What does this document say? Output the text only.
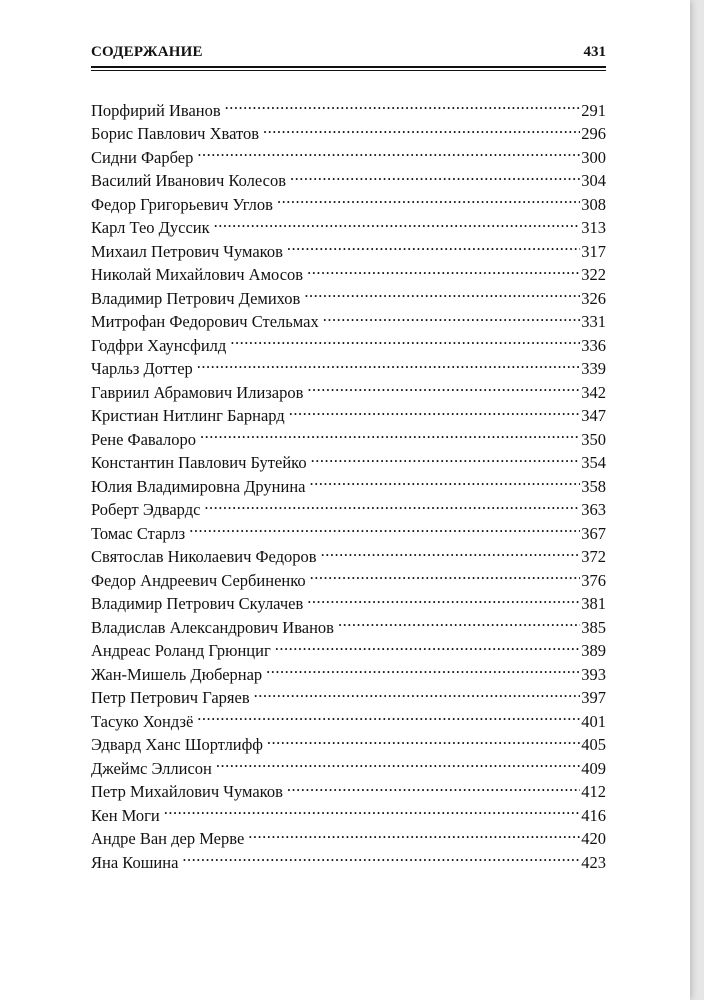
СОДЕРЖАНИЕ	431
Порфирий Иванов .....	291
Борис Павлович Хватов .....	296
Сидни Фарбер .....	300
Василий Иванович Колесов .....	304
Федор Григорьевич Углов .....	308
Карл Тео Дуссик .....	313
Михаил Петрович Чумаков .....	317
Николай Михайлович Амосов .....	322
Владимир Петрович Демихов .....	326
Митрофан Федорович Стельмах .....	331
Годфри Хаунсфилд .....	336
Чарльз Доттер .....	339
Гавриил Абрамович Илизаров .....	342
Кристиан Нитлинг Барнард .....	347
Рене Фавалоро .....	350
Константин Павлович Бутейко .....	354
Юлия Владимировна Друнина .....	358
Роберт Эдвардс .....	363
Томас Старлз .....	367
Святослав Николаевич Федоров .....	372
Федор Андреевич Сербиненко .....	376
Владимир Петрович Скулачев .....	381
Владислав Александрович Иванов .....	385
Андреас Роланд Грюнциг .....	389
Жан-Мишель Дюбернар .....	393
Петр Петрович Гаряев .....	397
Тасуко Хондзё .....	401
Эдвард Ханс Шортлифф .....	405
Джеймс Эллисон .....	409
Петр Михайлович Чумаков .....	412
Кен Моги .....	416
Андре Ван дер Мерве .....	420
Яна Кошина .....	423
